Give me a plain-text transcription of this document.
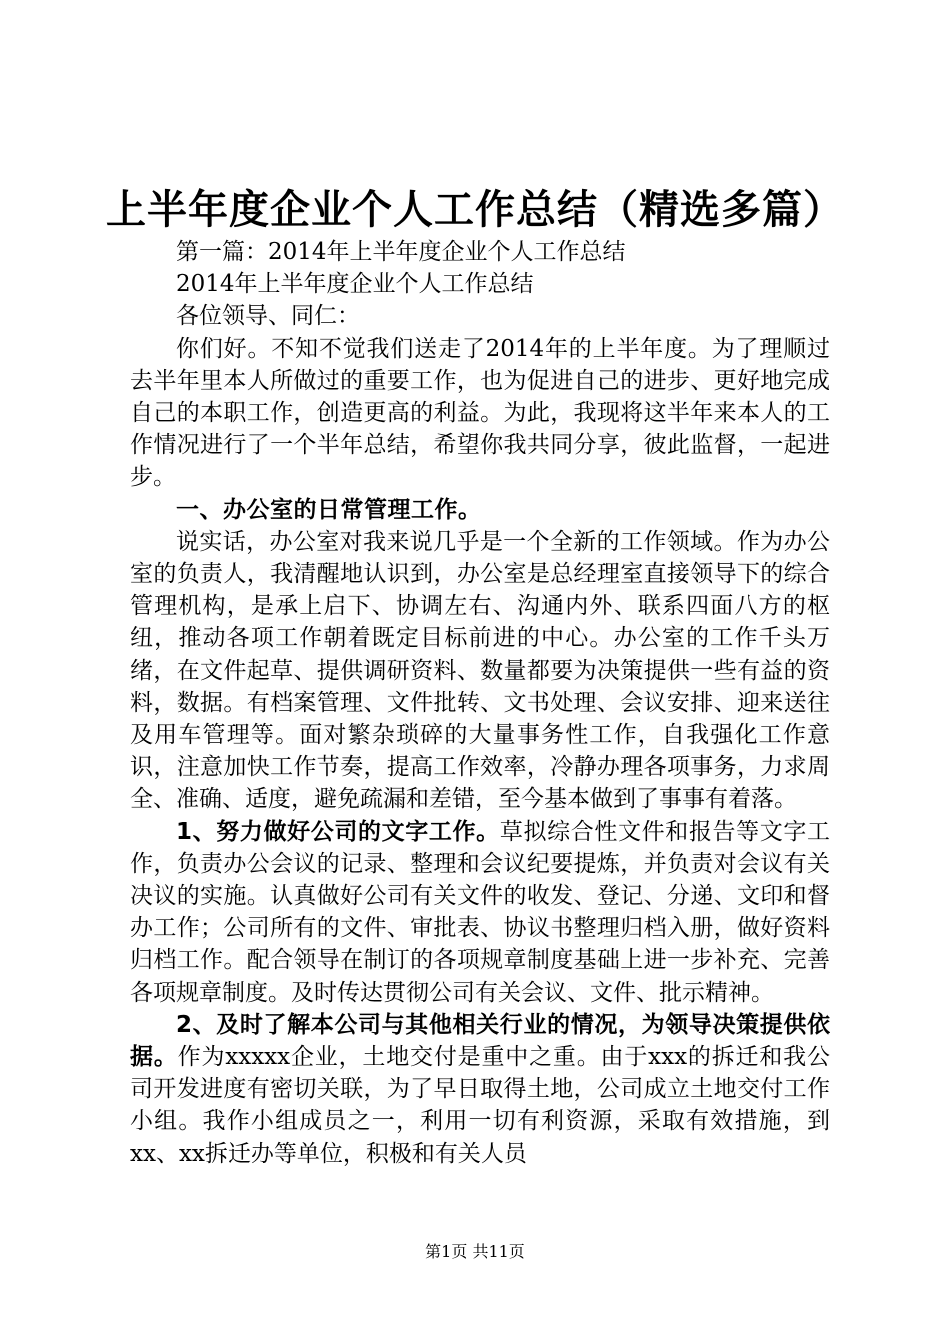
上半年度企业个人工作总结（精选多篇）

第一篇：2014年上半年度企业个人工作总结

2014年上半年度企业个人工作总结

各位领导、同仁：

你们好。不知不觉我们送走了2014年的上半年度。为了理顺过去半年里本人所做过的重要工作，也为促进自己的进步、更好地完成自己的本职工作，创造更高的利益。为此，我现将这半年来本人的工作情况进行了一个半年总结，希望你我共同分享，彼此监督，一起进步。

一、办公室的日常管理工作。

说实话，办公室对我来说几乎是一个全新的工作领域。作为办公室的负责人，我清醒地认识到，办公室是总经理室直接领导下的综合管理机构，是承上启下、协调左右、沟通内外、联系四面八方的枢纽，推动各项工作朝着既定目标前进的中心。办公室的工作千头万绪，在文件起草、提供调研资料、数量都要为决策提供一些有益的资料，数据。有档案管理、文件批转、文书处理、会议安排、迎来送往及用车管理等。面对繁杂琐碎的大量事务性工作，自我强化工作意识，注意加快工作节奏，提高工作效率，冷静办理各项事务，力求周全、准确、适度，避免疏漏和差错，至今基本做到了事事有着落。

1、努力做好公司的文字工作。草拟综合性文件和报告等文字工作，负责办公会议的记录、整理和会议纪要提炼，并负责对会议有关决议的实施。认真做好公司有关文件的收发、登记、分递、文印和督办工作；公司所有的文件、审批表、协议书整理归档入册，做好资料归档工作。配合领导在制订的各项规章制度基础上进一步补充、完善各项规章制度。及时传达贯彻公司有关会议、文件、批示精神。

2、及时了解本公司与其他相关行业的情况，为领导决策提供依据。作为xxxxx企业，土地交付是重中之重。由于xxx的拆迁和我公司开发进度有密切关联，为了早日取得土地，公司成立土地交付工作小组。我作小组成员之一，利用一切有利资源，采取有效措施，到xx、xx拆迁办等单位，积极和有关人员

第1页 共11页
